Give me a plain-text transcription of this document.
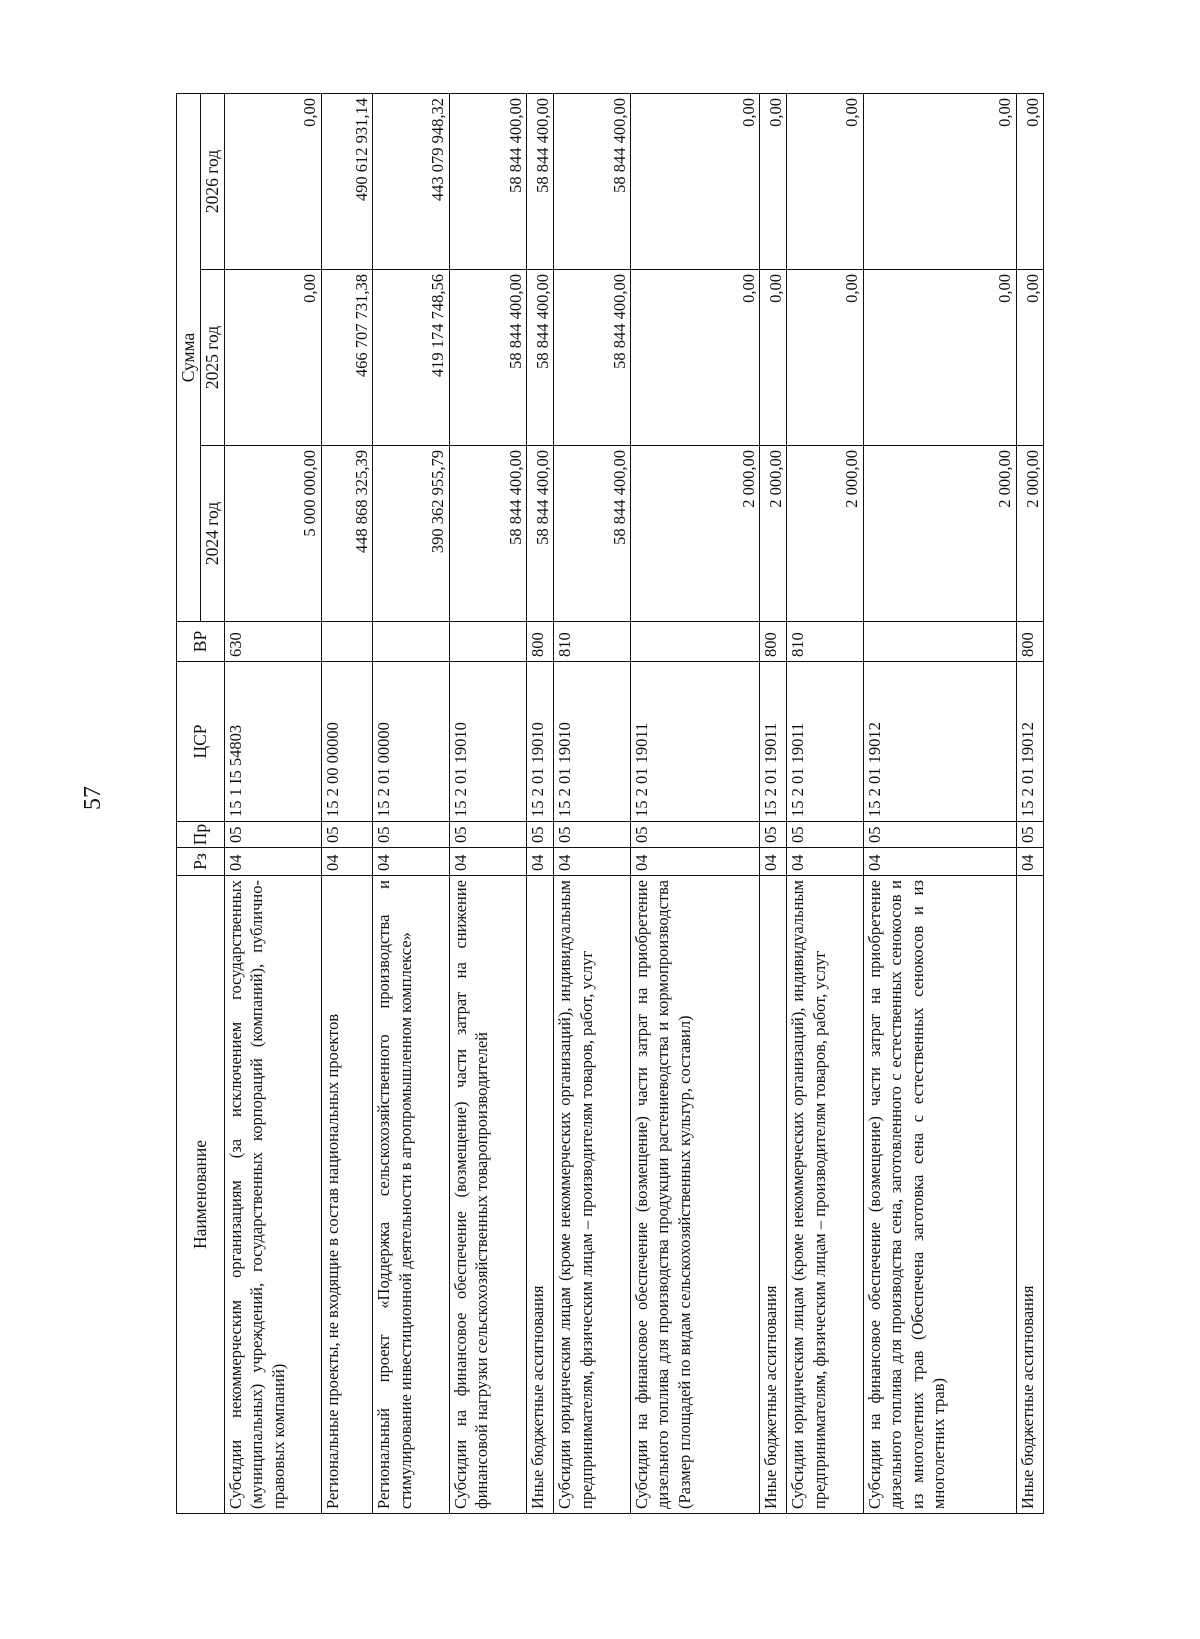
57
Наименование	Рз	Пр	ЦСР	ВР	Сумма		
					2024 год	2025 год	2026 год
Субсидии некоммерческим организациям (за исключением государственных (муниципальных) учреждений, государственных корпораций (компаний), публично-правовых компаний)	04	05	15 1 I5 54803	630	5 000 000,00	0,00	0,00
Региональные проекты, не входящие в состав национальных проектов	04	05	15 2 00 00000		448 868 325,39	466 707 731,38	490 612 931,14
Региональный проект «Поддержка сельскохозяйственного производства и стимулирование инвестиционной деятельности в агропромышленном комплексе»	04	05	15 2 01 00000		390 362 955,79	419 174 748,56	443 079 948,32
Субсидии на финансовое обеспечение (возмещение) части затрат на снижение финансовой нагрузки сельскохозяйственных товаропроизводителей	04	05	15 2 01 19010		58 844 400,00	58 844 400,00	58 844 400,00
Иные бюджетные ассигнования	04	05	15 2 01 19010	800	58 844 400,00	58 844 400,00	58 844 400,00
Субсидии юридическим лицам (кроме некоммерческих организаций), индивидуальным предпринимателям, физическим лицам – производителям товаров, работ, услуг	04	05	15 2 01 19010	810	58 844 400,00	58 844 400,00	58 844 400,00
Субсидии на финансовое обеспечение (возмещение) части затрат на приобретение дизельного топлива для производства продукции растениеводства и кормопроизводства (Размер площадей по видам сельскохозяйственных культур, составил)	04	05	15 2 01 19011		2 000,00	0,00	0,00
Иные бюджетные ассигнования	04	05	15 2 01 19011	800	2 000,00	0,00	0,00
Субсидии юридическим лицам (кроме некоммерческих организаций), индивидуальным предпринимателям, физическим лицам – производителям товаров, работ, услуг	04	05	15 2 01 19011	810	2 000,00	0,00	0,00
Субсидии на финансовое обеспечение (возмещение) части затрат на приобретение дизельного топлива для производства сена, заготовленного с естественных сенокосов и из многолетних трав (Обеспечена заготовка сена с естественных сенокосов и из многолетних трав)	04	05	15 2 01 19012		2 000,00	0,00	0,00
Иные бюджетные ассигнования	04	05	15 2 01 19012	800	2 000,00	0,00	0,00
